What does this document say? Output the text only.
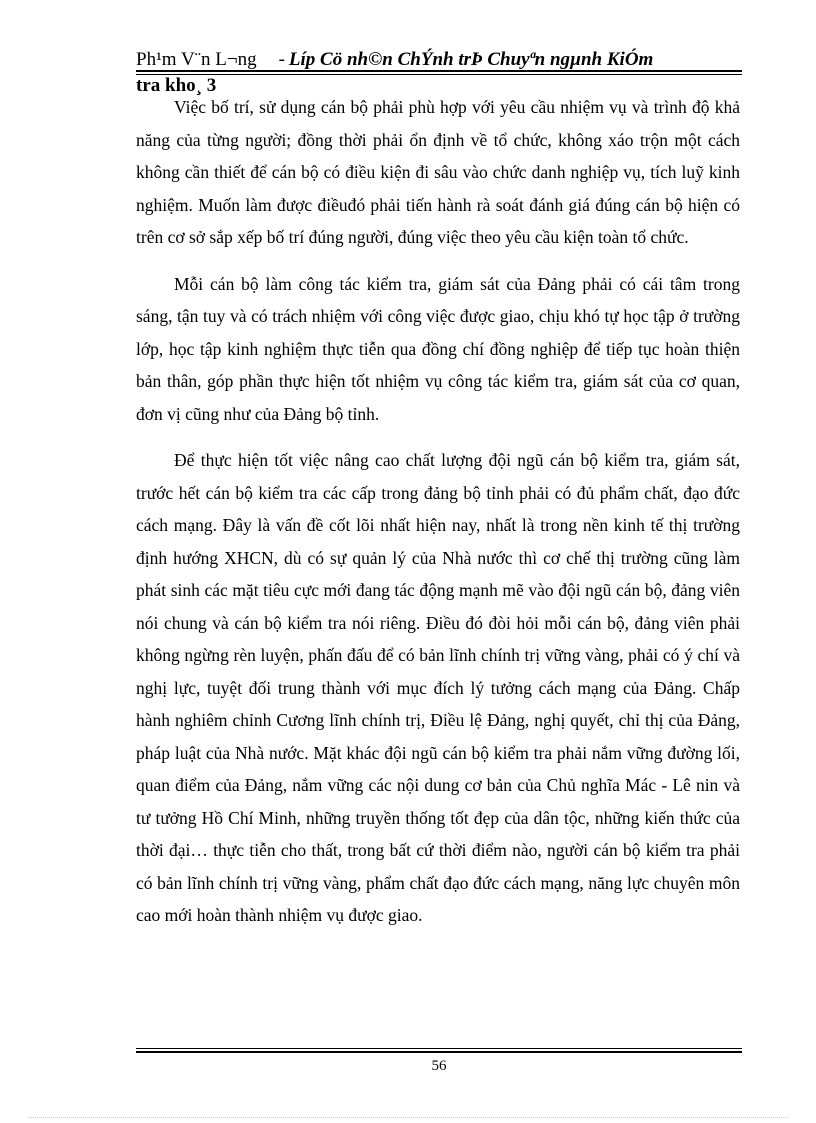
Ph¹m V¨n L¬ng - Líp Cö nh©n ChÝnh trÞ Chuyªn ngµnh KiÓm
tra kho¸ 3

Việc bố trí, sử dụng cán bộ phải phù hợp với yêu cầu nhiệm vụ và trình độ khả năng của từng người; đồng thời phải ổn định về tổ chức, không xáo trộn một cách không cần thiết để cán bộ có điều kiện đi sâu vào chức danh nghiệp vụ, tích luỹ kinh nghiệm. Muốn làm được điềuđó phải tiến hành rà soát đánh giá đúng cán bộ hiện có trên cơ sở sắp xếp bố trí đúng người, đúng việc theo yêu cầu kiện toàn tổ chức.

Mỗi cán bộ làm công tác kiểm tra, giám sát của Đảng phải có cái tâm trong sáng, tận tuy và có trách nhiệm với công việc được giao, chịu khó tự học tập ở trường lớp, học tập kinh nghiệm thực tiễn qua đồng chí đồng nghiệp để tiếp tục hoàn thiện bản thân, góp phần thực hiện tốt nhiệm vụ công tác kiểm tra, giám sát của cơ quan, đơn vị cũng như của Đảng bộ tỉnh.

Để thực hiện tốt việc nâng cao chất lượng đội ngũ cán bộ kiểm tra, giám sát, trước hết cán bộ kiểm tra các cấp trong đảng bộ tỉnh phải có đủ phẩm chất, đạo đức cách mạng. Đây là vấn đề cốt lõi nhất hiện nay, nhất là trong nền kinh tế thị trường định hướng XHCN, dù có sự quản lý của Nhà nước thì cơ chế thị trường cũng làm phát sinh các mặt tiêu cực mới đang tác động mạnh mẽ vào đội ngũ cán bộ, đảng viên nói chung và cán bộ kiểm tra nói riêng. Điều đó đòi hỏi mỗi cán bộ, đảng viên phải không ngừng rèn luyện, phấn đấu để có bản lĩnh chính trị vững vàng, phải có ý chí và nghị lực, tuyệt đối trung thành với mục đích lý tưởng cách mạng của Đảng. Chấp hành nghiêm chỉnh Cương lĩnh chính trị, Điều lệ Đảng, nghị quyết, chỉ thị của Đảng, pháp luật của Nhà nước. Mặt khác đội ngũ cán bộ kiểm tra phải nắm vững đường lối, quan điểm của Đảng, nắm vững các nội dung cơ bản của Chủ nghĩa Mác - Lê nin và tư tưởng Hồ Chí Minh, những truyền thống tốt đẹp của dân tộc, những kiến thức của thời đại… thực tiễn cho thất, trong bất cứ thời điểm nào, người cán bộ kiểm tra phải có bản lĩnh chính trị vững vàng, phẩm chất đạo đức cách mạng, năng lực chuyên môn cao mới hoàn thành nhiệm vụ được giao.

56
